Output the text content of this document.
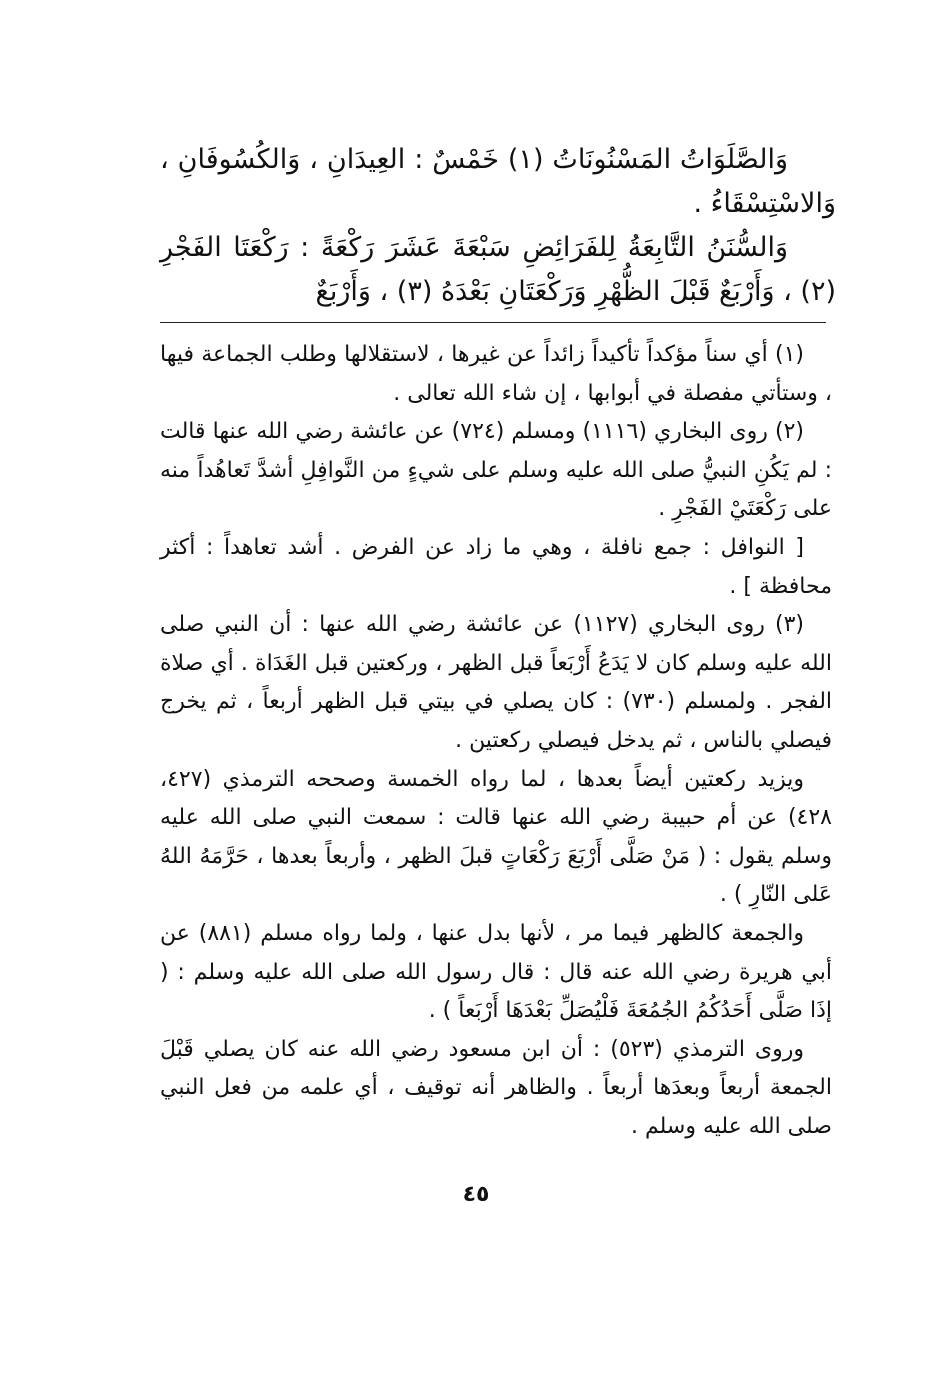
وَالصَّلَوَاتُ المَسْنُونَاتُ (١) خَمْسٌ : العِيدَانِ ، وَالكُسُوفَانِ ، وَالاسْتِسْقَاءُ .

وَالسُّنَنُ التَّابِعَةُ لِلفَرَائِضِ سَبْعَةَ عَشَرَ رَكْعَةً : رَكْعَتَا الفَجْرِ (٢) ، وَأَرْبَعٌ قَبْلَ الظُّهْرِ وَرَكْعَتَانِ بَعْدَهُ (٣) ، وَأَرْبَعٌ

(١) أي سناً مؤكداً تأكيداً زائداً عن غيرها ، لاستقلالها وطلب الجماعة فيها ، وستأتي مفصلة في أبوابها ، إن شاء الله تعالى .

(٢) روى البخاري (١١١٦) ومسلم (٧٢٤) عن عائشة رضي الله عنها قالت : لم يَكُنِ النبيُّ صلى الله عليه وسلم على شيءٍ من النَّوافِلِ أشدَّ تَعاهُداً منه على رَكْعَتَيْ الفَجْرِ .

[ النوافل : جمع نافلة ، وهي ما زاد عن الفرض . أشد تعاهداً : أكثر محافظة ] .

(٣) روى البخاري (١١٢٧) عن عائشة رضي الله عنها : أن النبي صلى الله عليه وسلم كان لا يَدَعُ أَرْبَعاً قبل الظهر ، وركعتين قبل الغَدَاة . أي صلاة الفجر . ولمسلم (٧٣٠) : كان يصلي في بيتي قبل الظهر أربعاً ، ثم يخرج فيصلي بالناس ، ثم يدخل فيصلي ركعتين .

ويزيد ركعتين أيضاً بعدها ، لما رواه الخمسة وصححه الترمذي (٤٢٧، ٤٢٨) عن أم حبيبة رضي الله عنها قالت : سمعت النبي صلى الله عليه وسلم يقول : ( مَنْ صَلَّى أَرْبَعَ رَكْعَاتٍ قبلَ الظهر ، وأربعاً بعدها ، حَرَّمَهُ اللهُ عَلى النّارِ ) .

والجمعة كالظهر فيما مر ، لأنها بدل عنها ، ولما رواه مسلم (٨٨١) عن أبي هريرة رضي الله عنه قال : قال رسول الله صلى الله عليه وسلم : ( إذَا صَلَّى أَحَدُكُمُ الجُمُعَةَ فَلْيُصَلِّ بَعْدَهَا أَرْبَعاً ) .

وروى الترمذي (٥٢٣) : أن ابن مسعود رضي الله عنه كان يصلي قَبْلَ الجمعة أربعاً وبعدَها أربعاً . والظاهر أنه توقيف ، أي علمه من فعل النبي صلى الله عليه وسلم .

٤٥
